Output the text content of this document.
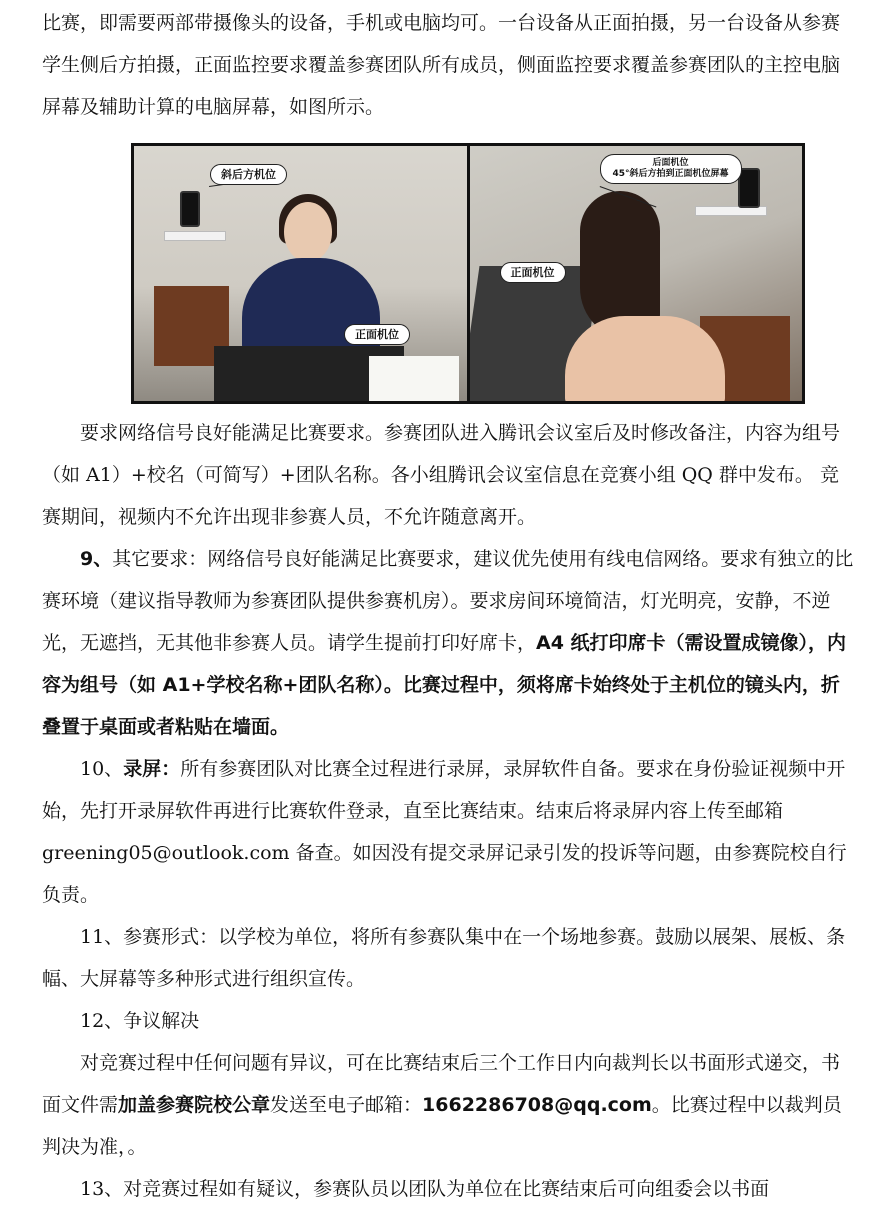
比赛，即需要两部带摄像头的设备，手机或电脑均可。一台设备从正面拍摄，另一台设备从参赛学生侧后方拍摄，正面监控要求覆盖参赛团队所有成员，侧面监控要求覆盖参赛团队的主控电脑屏幕及辅助计算的电脑屏幕，如图所示。

斜后方机位
正面机位
后面机位
45°斜后方拍到正面机位屏幕
正面机位

要求网络信号良好能满足比赛要求。参赛团队进入腾讯会议室后及时修改备注，内容为组号（如 A1）+校名（可简写）+团队名称。各小组腾讯会议室信息在竞赛小组 QQ 群中发布。 竞赛期间，视频内不允许出现非参赛人员，不允许随意离开。

9、其它要求：网络信号良好能满足比赛要求，建议优先使用有线电信网络。要求有独立的比赛环境（建议指导教师为参赛团队提供参赛机房）。要求房间环境简洁，灯光明亮，安静，不逆光，无遮挡，无其他非参赛人员。请学生提前打印好席卡，A4 纸打印席卡（需设置成镜像），内容为组号（如 A1+学校名称+团队名称）。比赛过程中，须将席卡始终处于主机位的镜头内，折叠置于桌面或者粘贴在墙面。

10、录屏：所有参赛团队对比赛全过程进行录屏，录屏软件自备。要求在身份验证视频中开始，先打开录屏软件再进行比赛软件登录，直至比赛结束。结束后将录屏内容上传至邮箱 greening05@outlook.com 备查。如因没有提交录屏记录引发的投诉等问题，由参赛院校自行负责。

11、参赛形式：以学校为单位，将所有参赛队集中在一个场地参赛。鼓励以展架、展板、条幅、大屏幕等多种形式进行组织宣传。

12、争议解决

对竞赛过程中任何问题有异议，可在比赛结束后三个工作日内向裁判长以书面形式递交，书面文件需加盖参赛院校公章发送至电子邮箱：1662286708@qq.com。比赛过程中以裁判员判决为准，。

13、对竞赛过程如有疑议，参赛队员以团队为单位在比赛结束后可向组委会以书面
